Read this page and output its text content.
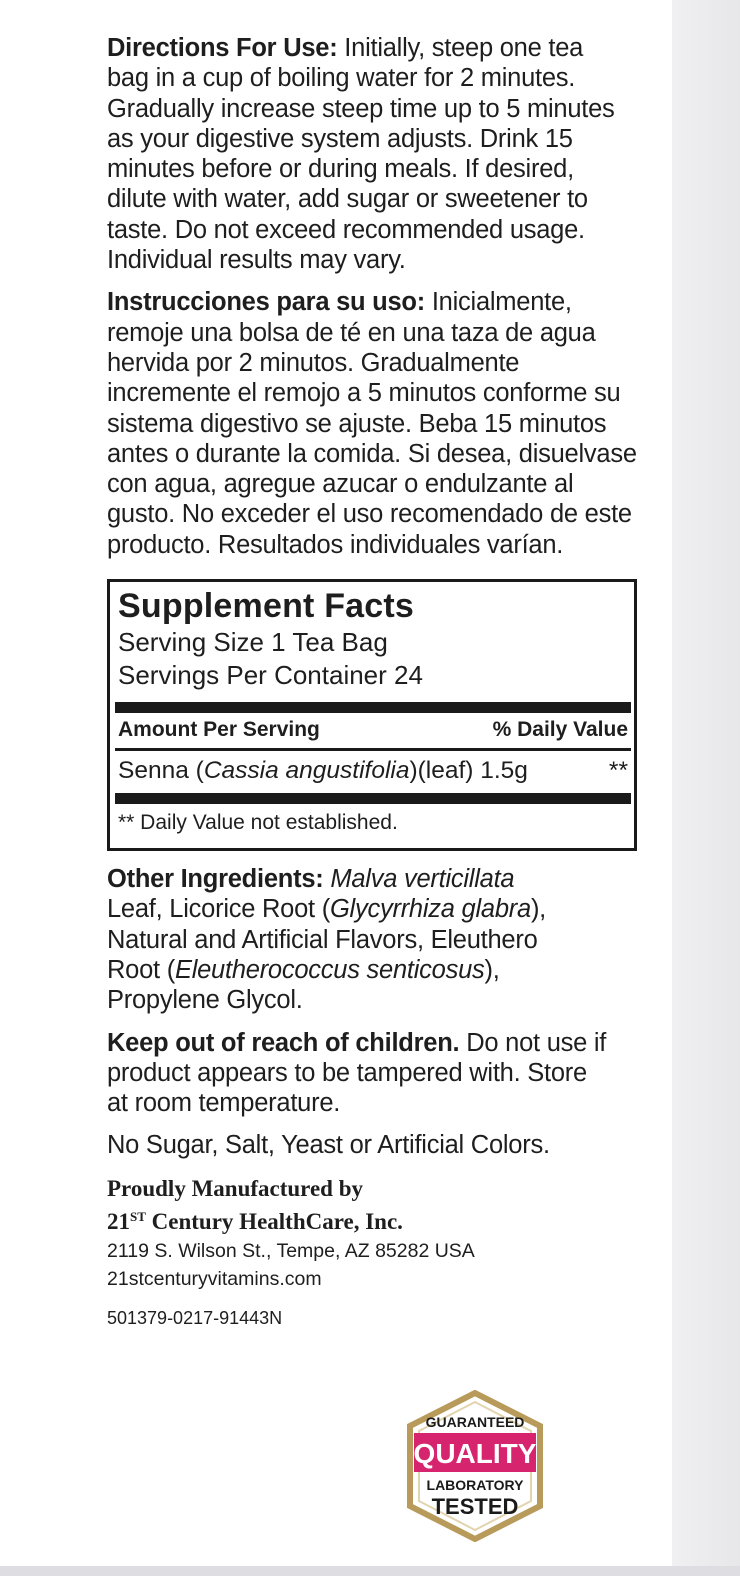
Directions For Use: Initially, steep one tea
bag in a cup of boiling water for 2 minutes.
Gradually increase steep time up to 5 minutes
as your digestive system adjusts. Drink 15
minutes before or during meals. If desired,
dilute with water, add sugar or sweetener to
taste. Do not exceed recommended usage.
Individual results may vary.

Instrucciones para su uso: Inicialmente,
remoje una bolsa de té en una taza de agua
hervida por 2 minutos. Gradualmente
incremente el remojo a 5 minutos conforme su
sistema digestivo se ajuste. Beba 15 minutos
antes o durante la comida. Si desea, disuelvase
con agua, agregue azucar o endulzante al
gusto. No exceder el uso recomendado de este
producto. Resultados individuales varían.

Supplement Facts
Serving Size 1 Tea Bag
Servings Per Container 24
Amount Per Serving	% Daily Value
Senna (Cassia angustifolia)(leaf) 1.5g	**
** Daily Value not established.

Other Ingredients: Malva verticillata
Leaf, Licorice Root (Glycyrrhiza glabra),
Natural and Artificial Flavors, Eleuthero
Root (Eleutherococcus senticosus),
Propylene Glycol.

Keep out of reach of children. Do not use if
product appears to be tampered with. Store
at room temperature.

No Sugar, Salt, Yeast or Artificial Colors.

Proudly Manufactured by
21ST Century HealthCare, Inc.
2119 S. Wilson St., Tempe, AZ 85282 USA
21stcenturyvitamins.com
501379-0217-91443N
GUARANTEED
QUALITY
LABORATORY
TESTED
